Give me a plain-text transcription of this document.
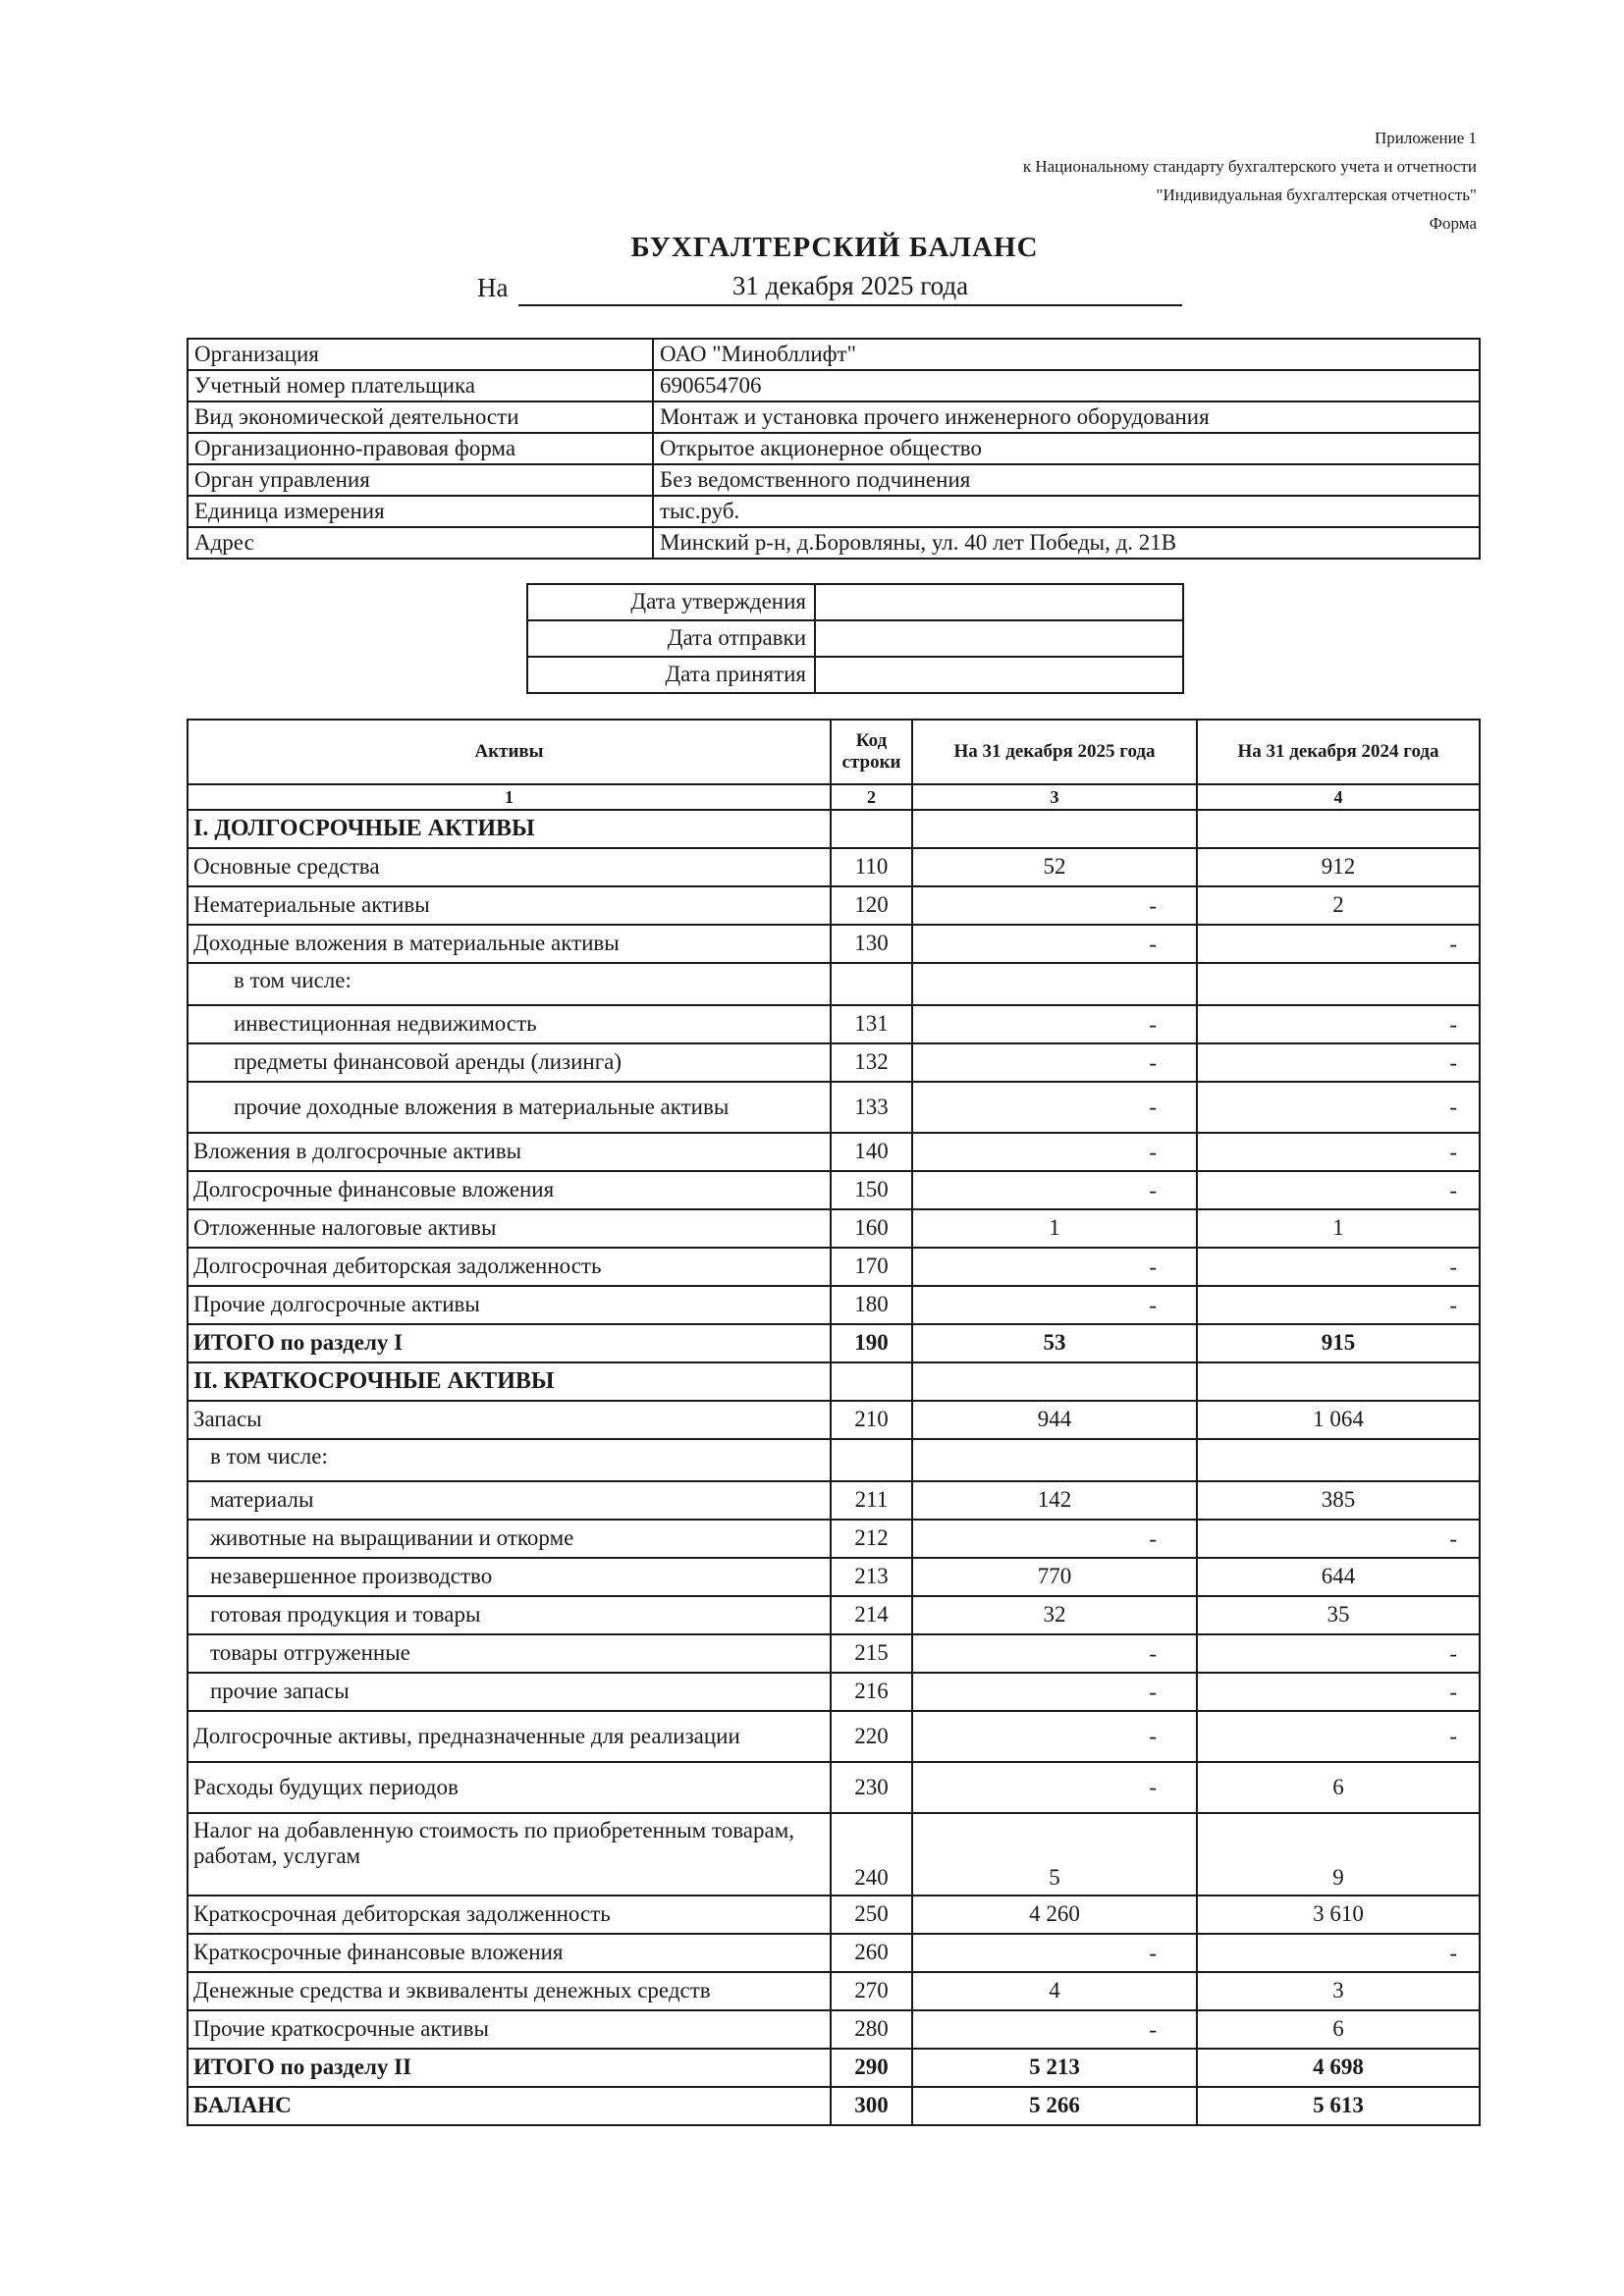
Приложение 1
к Национальному стандарту бухгалтерского учета и отчетности
"Индивидуальная бухгалтерская отчетность"
Форма
БУХГАЛТЕРСКИЙ БАЛАНС
На	31 декабря 2025 года
Организация	ОАО "Минобллифт"
Учетный номер плательщика	690654706
Вид экономической деятельности	Монтаж и установка прочего инженерного оборудования
Организационно-правовая форма	Открытое акционерное общество
Орган управления	Без ведомственного подчинения
Единица измерения	тыс.руб.
Адрес	Минский р-н, д.Боровляны, ул. 40 лет Победы, д. 21В
Дата утверждения	
Дата отправки	
Дата принятия	
Активы	Код строки	На 31 декабря 2025 года	На 31 декабря 2024 года
1	2	3	4
I. ДОЛГОСРОЧНЫЕ АКТИВЫ			
Основные средства	110	52	912
Нематериальные активы	120	-	2
Доходные вложения в материальные активы	130	-	-

в том числе:			
инвестиционная недвижимость	131	-	-

предметы финансовой аренды (лизинга)	132	-	-

прочие доходные вложения в материальные активы	133	-	-

Вложения в долгосрочные активы	140	-	-

Долгосрочные финансовые вложения	150	-	-

Отложенные налоговые активы	160	1	1
Долгосрочная дебиторская задолженность	170	-	-

Прочие долгосрочные активы	180	-	-

ИТОГО по разделу I	190	53	915
II. КРАТКОСРОЧНЫЕ АКТИВЫ			
Запасы	210	944	1 064
в том числе:			
материалы	211	142	385
животные на выращивании и откорме	212	-	-

незавершенное производство	213	770	644
готовая продукция и товары	214	32	35
товары отгруженные	215	-	-

прочие запасы	216	-	-

Долгосрочные активы, предназначенные для реализации	220	-	-

Расходы будущих периодов	230	-	6
Налог на добавленную стоимость по приобретенным товарам, работам, услугам	240	5	9
Краткосрочная дебиторская задолженность	250	4 260	3 610
Краткосрочные финансовые вложения	260	-	-

Денежные средства и эквиваленты денежных средств	270	4	3
Прочие краткосрочные активы	280	-	6
ИТОГО по разделу II	290	5 213	4 698
БАЛАНС	300	5 266	5 613
